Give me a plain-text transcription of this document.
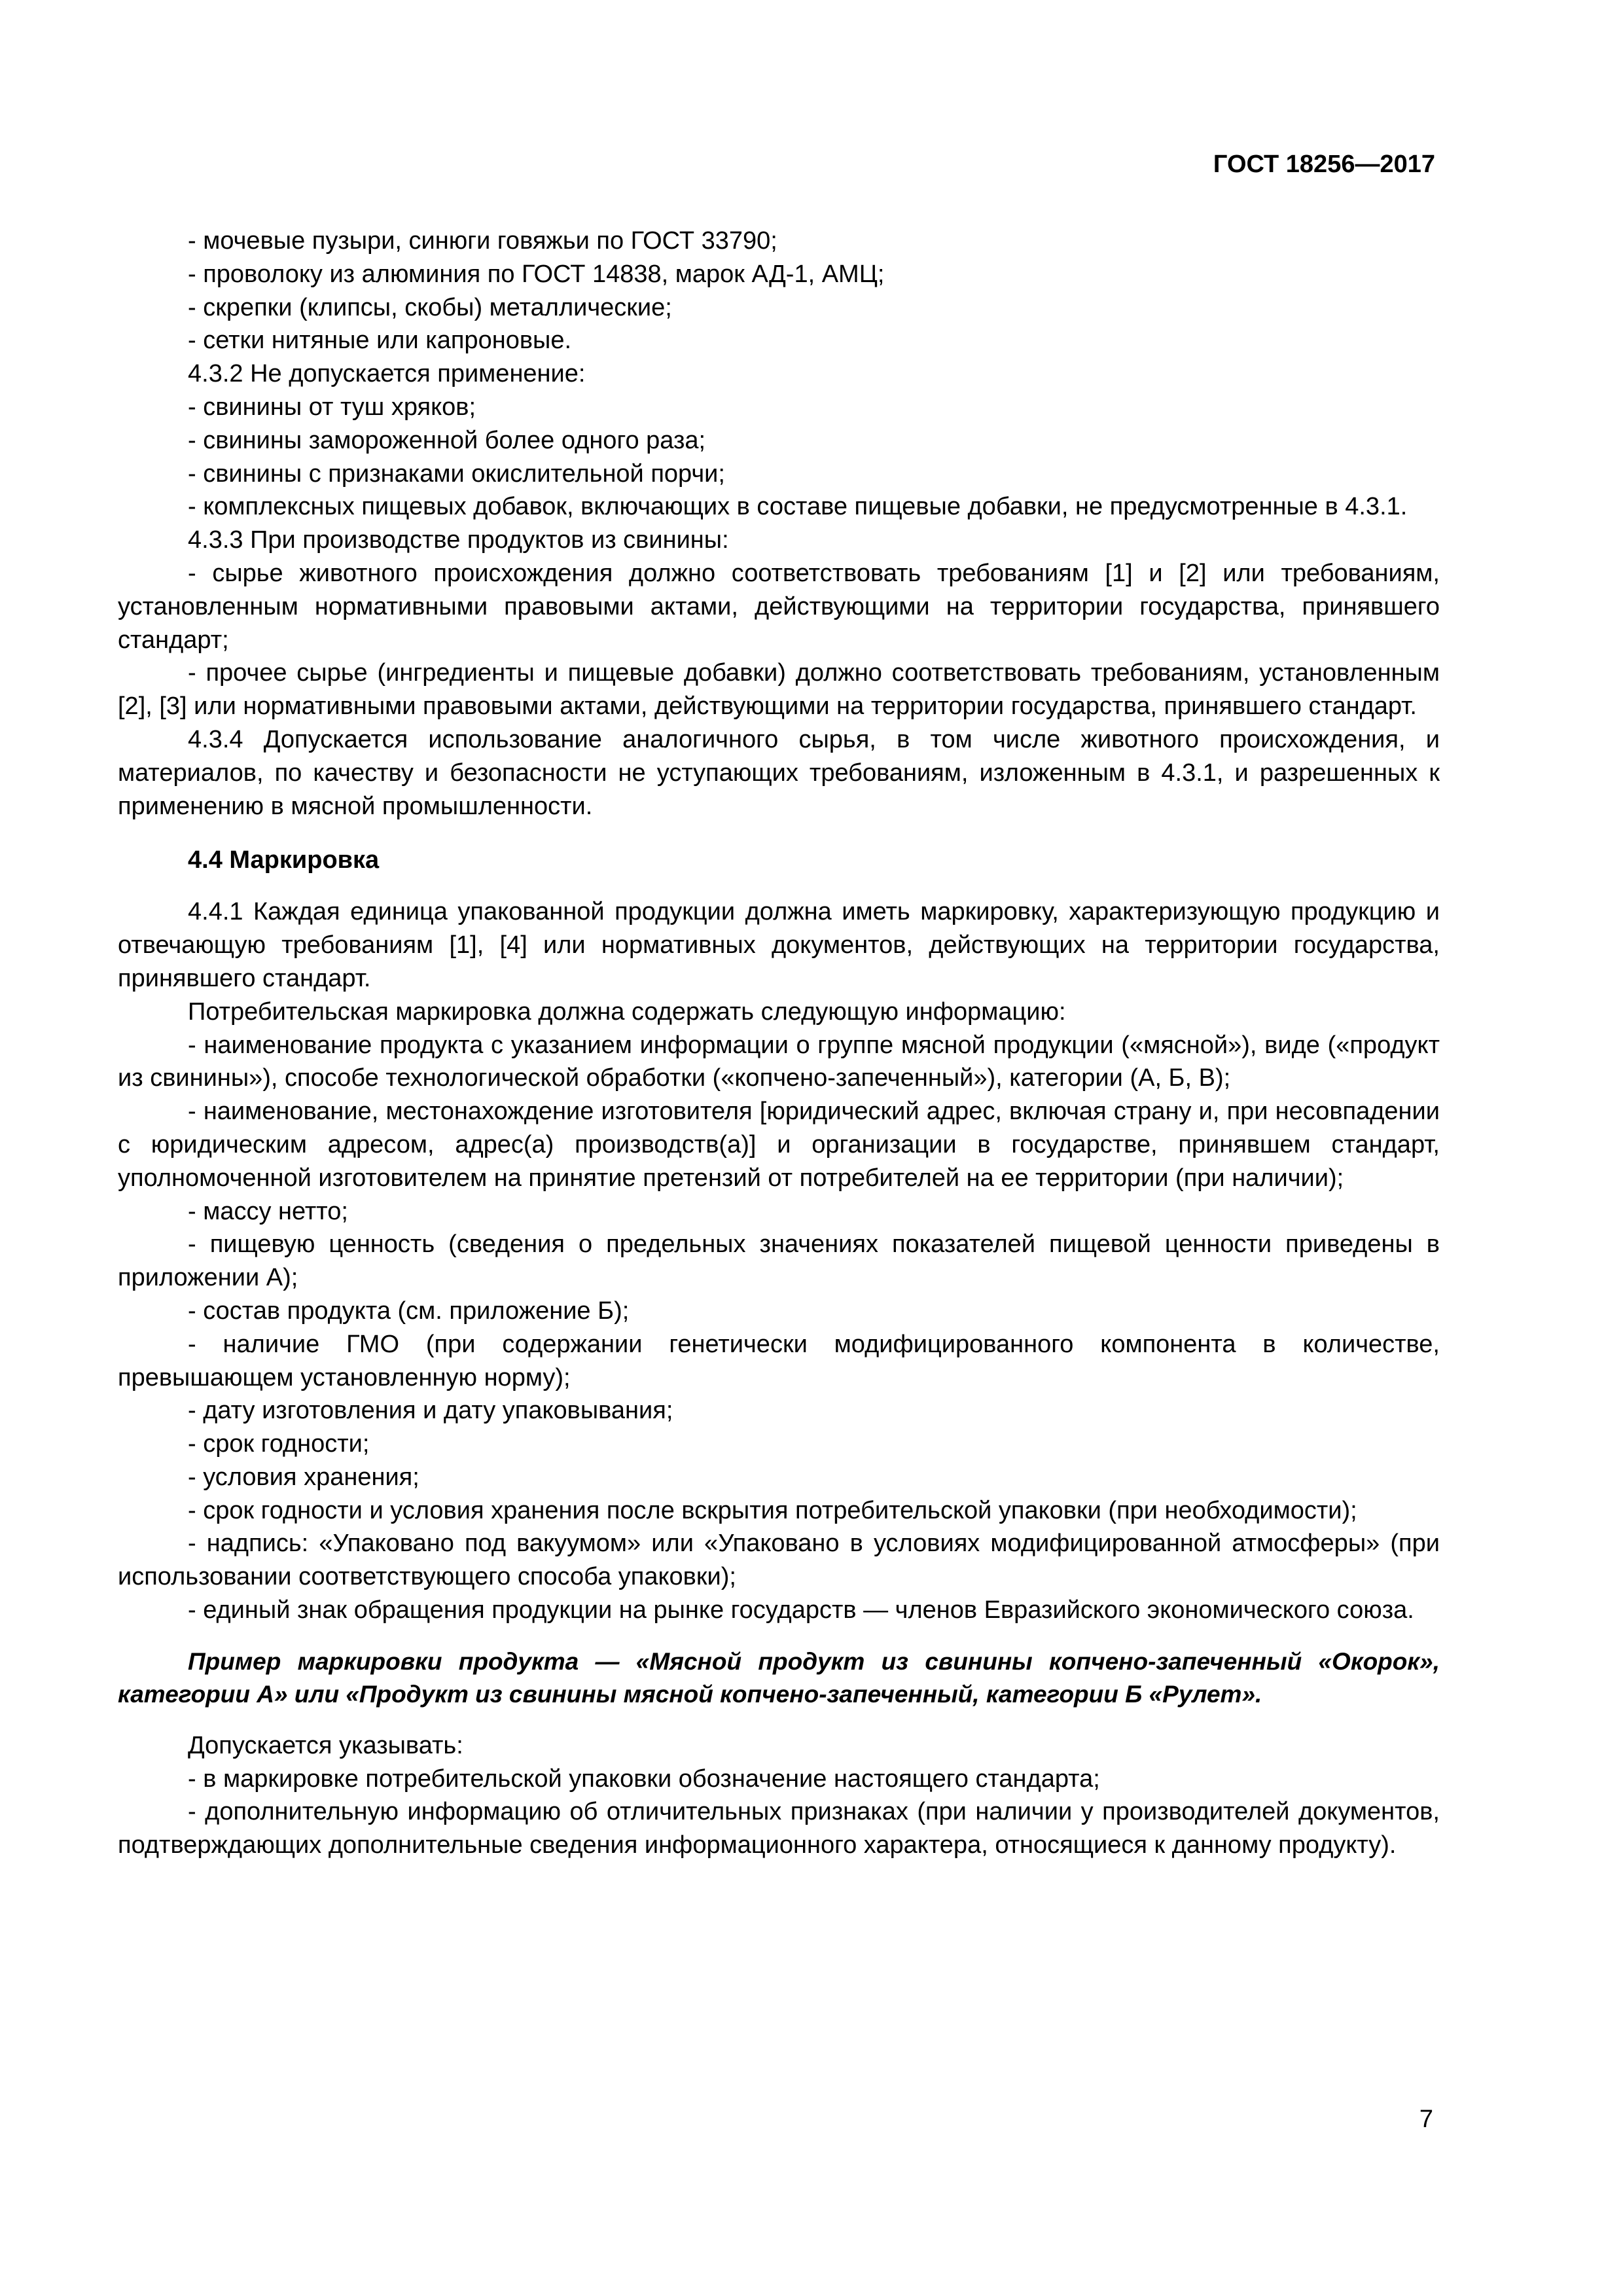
ГОСТ 18256—2017

- мочевые пузыри, синюги говяжьи по ГОСТ 33790;

- проволоку из алюминия по ГОСТ 14838, марок АД-1, АМЦ;

- скрепки (клипсы, скобы) металлические;

- сетки нитяные или капроновые.

4.3.2 Не допускается применение:

- свинины от туш хряков;

- свинины замороженной более одного раза;

- свинины с признаками окислительной порчи;

- комплексных пищевых добавок, включающих в составе пищевые добавки, не предусмотренные в 4.3.1.

4.3.3 При производстве продуктов из свинины:

- сырье животного происхождения должно соответствовать требованиям [1] и [2] или требованиям, установленным нормативными правовыми актами, действующими на территории государства, принявшего стандарт;

- прочее сырье (ингредиенты и пищевые добавки) должно соответствовать требованиям, установленным [2], [3] или нормативными правовыми актами, действующими на территории государства, принявшего стандарт.

4.3.4 Допускается использование аналогичного сырья, в том числе животного происхождения, и материалов, по качеству и безопасности не уступающих требованиям, изложенным в 4.3.1, и разрешенных к применению в мясной промышленности.

4.4 Маркировка

4.4.1 Каждая единица упакованной продукции должна иметь маркировку, характеризующую продукцию и отвечающую требованиям [1], [4] или нормативных документов, действующих на территории государства, принявшего стандарт.

Потребительская маркировка должна содержать следующую информацию:

- наименование продукта с указанием информации о группе мясной продукции («мясной»), виде («продукт из свинины»), способе технологической обработки («копчено-запеченный»), категории (А, Б, В);

- наименование, местонахождение изготовителя [юридический адрес, включая страну и, при несовпадении с юридическим адресом, адрес(а) производств(а)] и организации в государстве, принявшем стандарт, уполномоченной изготовителем на принятие претензий от потребителей на ее территории (при наличии);

- массу нетто;

- пищевую ценность (сведения о предельных значениях показателей пищевой ценности приведены в приложении А);

- состав продукта (см. приложение Б);

- наличие ГМО (при содержании генетически модифицированного компонента в количестве, превышающем установленную норму);

- дату изготовления и дату упаковывания;

- срок годности;

- условия хранения;

- срок годности и условия хранения после вскрытия потребительской упаковки (при необходимости);

- надпись: «Упаковано под вакуумом» или «Упаковано в условиях модифицированной атмосферы» (при использовании соответствующего способа упаковки);

- единый знак обращения продукции на рынке государств — членов Евразийского экономического союза.

Пример маркировки продукта — «Мясной продукт из свинины копчено-запеченный «Окорок», категории А» или «Продукт из свинины мясной копчено-запеченный, категории Б «Рулет».

Допускается указывать:

- в маркировке потребительской упаковки обозначение настоящего стандарта;

- дополнительную информацию об отличительных признаках (при наличии у производителей документов, подтверждающих дополнительные сведения информационного характера, относящиеся к данному продукту).

7
